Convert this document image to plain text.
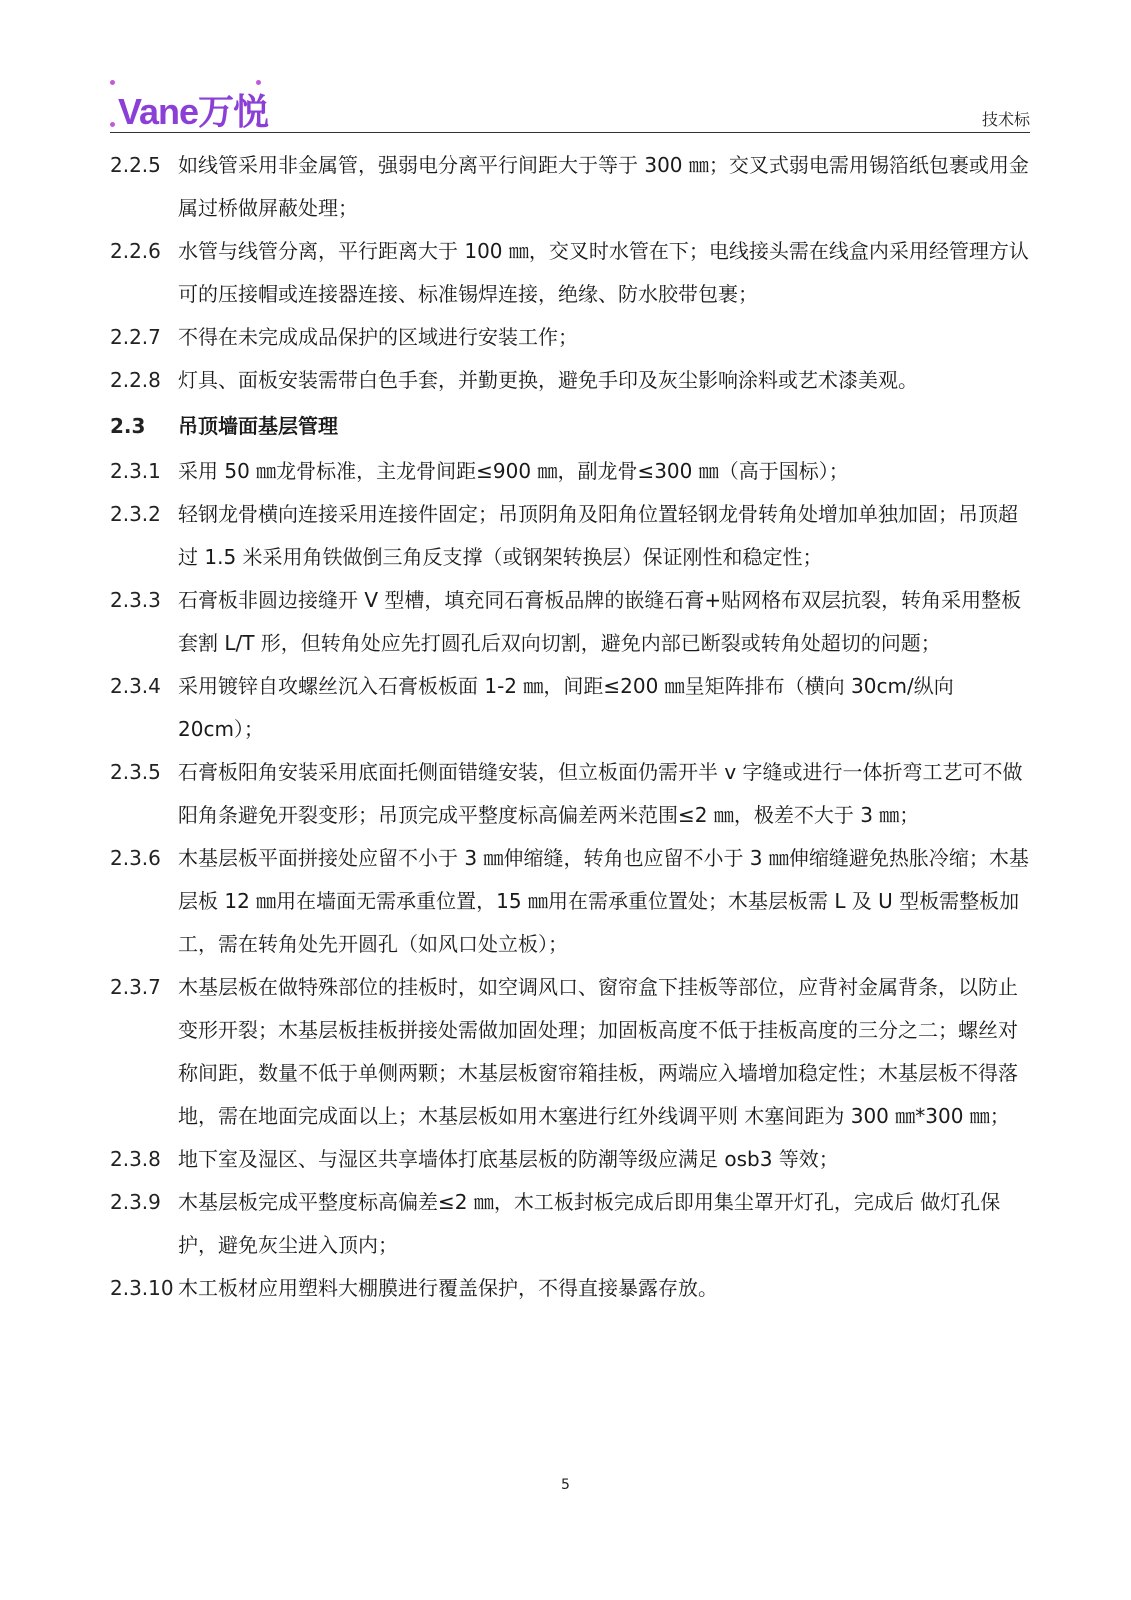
Vane万悦	技术标
2.2.5 如线管采用非金属管，强弱电分离平行间距大于等于 300 ㎜；交叉式弱电需用锡箔纸包裹或用金属过桥做屏蔽处理；
2.2.6 水管与线管分离，平行距离大于 100 ㎜，交叉时水管在下；电线接头需在线盒内采用经管理方认可的压接帽或连接器连接、标准锡焊连接，绝缘、防水胶带包裹；
2.2.7 不得在未完成成品保护的区域进行安装工作；
2.2.8 灯具、面板安装需带白色手套，并勤更换，避免手印及灰尘影响涂料或艺术漆美观。
2.3	吊顶墙面基层管理
2.3.1 采用 50 ㎜龙骨标准，主龙骨间距≤900 ㎜，副龙骨≤300 ㎜（高于国标）；
2.3.2 轻钢龙骨横向连接采用连接件固定；吊顶阴角及阳角位置轻钢龙骨转角处增加单独加固；吊顶超过 1.5 米采用角铁做倒三角反支撑（或钢架转换层）保证刚性和稳定性；
2.3.3 石膏板非圆边接缝开 V 型槽，填充同石膏板品牌的嵌缝石膏+贴网格布双层抗裂，转角采用整板套割 L/T 形，但转角处应先打圆孔后双向切割，避免内部已断裂或转角处超切的问题；
2.3.4 采用镀锌自攻螺丝沉入石膏板板面 1-2 ㎜，间距≤200 ㎜呈矩阵排布（横向 30cm/纵向 20cm）；
2.3.5 石膏板阳角安装采用底面托侧面错缝安装，但立板面仍需开半 v 字缝或进行一体折弯工艺可不做阳角条避免开裂变形；吊顶完成平整度标高偏差两米范围≤2 ㎜，极差不大于 3 ㎜；
2.3.6 木基层板平面拼接处应留不小于 3 ㎜伸缩缝，转角也应留不小于 3 ㎜伸缩缝避免热胀冷缩；木基层板 12 ㎜用在墙面无需承重位置，15 ㎜用在需承重位置处；木基层板需 L 及 U 型板需整板加工，需在转角处先开圆孔（如风口处立板）；
2.3.7 木基层板在做特殊部位的挂板时，如空调风口、窗帘盒下挂板等部位，应背衬金属背条，以防止变形开裂；木基层板挂板拼接处需做加固处理；加固板高度不低于挂板高度的三分之二；螺丝对称间距，数量不低于单侧两颗；木基层板窗帘箱挂板，两端应入墙增加稳定性；木基层板不得落地，需在地面完成面以上；木基层板如用木塞进行红外线调平则 木塞间距为 300 ㎜*300 ㎜；
2.3.8 地下室及湿区、与湿区共享墙体打底基层板的防潮等级应满足 osb3 等效；
2.3.9 木基层板完成平整度标高偏差≤2 ㎜，木工板封板完成后即用集尘罩开灯孔，完成后 做灯孔保护，避免灰尘进入顶内；
2.3.10 木工板材应用塑料大棚膜进行覆盖保护，不得直接暴露存放。
5
